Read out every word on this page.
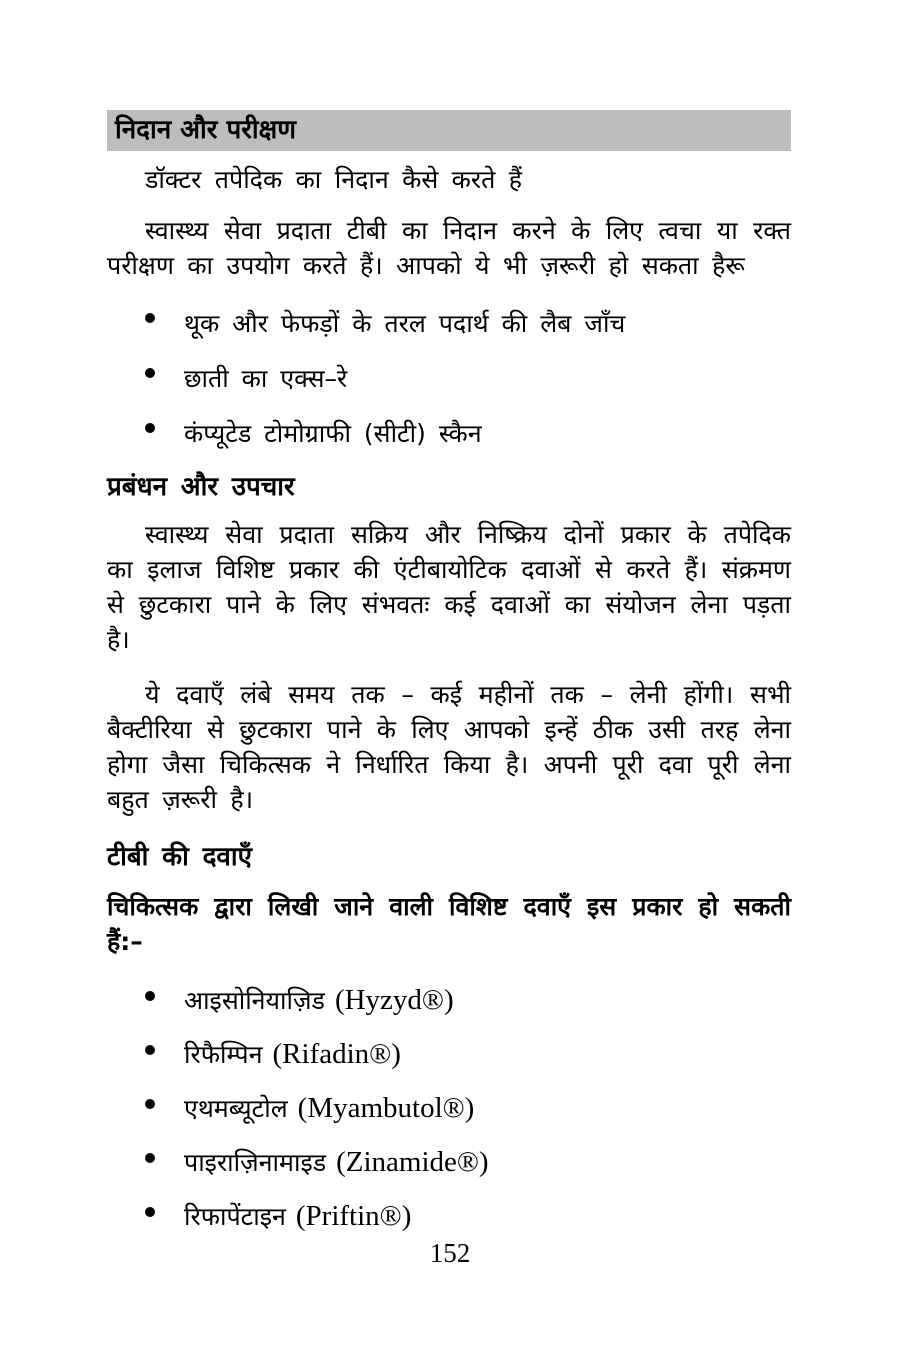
निदान और परीक्षण

डॉक्टर तपेदिक का निदान कैसे करते हैं

स्वास्थ्य सेवा प्रदाता टीबी का निदान करने के लिए त्वचा या रक्त परीक्षण का उपयोग करते हैं। आपको ये भी ज़रूरी हो सकता हैरू

थूक और फेफड़ों के तरल पदार्थ की लैब जाँच
छाती का एक्स–रे
कंप्यूटेड टोमोग्राफी (सीटी) स्कैन
प्रबंधन और उपचार

स्वास्थ्य सेवा प्रदाता सक्रिय और निष्क्रिय दोनों प्रकार के तपेदिक का इलाज विशिष्ट प्रकार की एंटीबायोटिक दवाओं से करते हैं। संक्रमण से छुटकारा पाने के लिए संभवतः कई दवाओं का संयोजन लेना पड़ता है।

ये दवाएँ लंबे समय तक – कई महीनों तक – लेनी होंगी। सभी बैक्टीरिया से छुटकारा पाने के लिए आपको इन्हें ठीक उसी तरह लेना होगा जैसा चिकित्सक ने निर्धारित किया है। अपनी पूरी दवा पूरी लेना बहुत ज़रूरी है।

टीबी की दवाएँ

चिकित्सक द्वारा लिखी जाने वाली विशिष्ट दवाएँ इस प्रकार हो सकती हैं:–

आइसोनियाज़िड (Hyzyd®)
रिफैम्पिन (Rifadin®)
एथमब्यूटोल (Myambutol®)
पाइराज़िनामाइड (Zinamide®)
रिफापेंटाइन (Priftin®)
152
